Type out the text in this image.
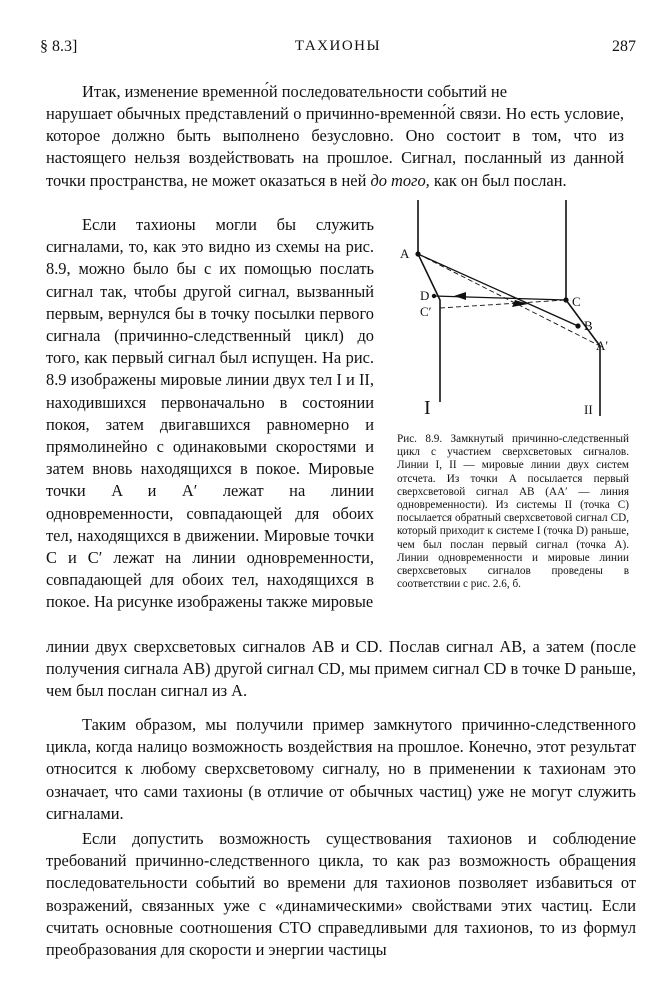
§ 8.3]	ТАХИОНЫ	287

Итак, изменение временно́й последовательности событий не

нарушает обычных представлений о причинно-временно́й связи. Но есть условие, которое должно быть выполнено безусловно. Оно состоит в том, что из настоящего нельзя воздействовать на прошлое. Сигнал, посланный из данной точки пространства, не может оказаться в ней до того, как он был послан.

Если тахионы могли бы служить сигналами, то, как это видно из схемы на рис. 8.9, можно было бы с их помощью послать сигнал так, чтобы другой сигнал, вызванный первым, вернулся бы в точку посылки первого сигнала (причинно-следственный цикл) до того, как первый сигнал был испущен. На рис. 8.9 изображены мировые линии двух тел I и II, находившихся первоначально в состоянии покоя, затем двигавшихся равномерно и прямолинейно с одинаковыми скоростями и затем вновь находящихся в покое. Мировые точки A и A′ лежат на линии одновременности, совпадающей для обоих тел, находящихся в движении. Мировые точки C и C′ лежат на линии одновременности, совпадающей для обоих тел, находящихся в покое. На рисунке изображены также мировые

A
D
C′
C
B
A′
I	II

Рис. 8.9. Замкнутый причинно-следственный цикл с участием сверхсветовых сигналов. Линии I, II — мировые линии двух систем отсчета. Из точки A посылается первый сверхсветовой сигнал AB (AA′ — линия одновременности). Из системы II (точка C) посылается обратный сверхсветовой сигнал CD, который приходит к системе I (точка D) раньше, чем был послан первый сигнал (точка A). Линии одновременности и мировые линии сверхсветовых сигналов проведены в соответствии с рис. 2.6, б.

линии двух сверхсветовых сигналов AB и CD. Послав сигнал AB, а затем (после получения сигнала AB) другой сигнал CD, мы примем сигнал CD в точке D раньше, чем был послан сигнал из A.

Таким образом, мы получили пример замкнутого причинно-следственного цикла, когда налицо возможность воздействия на прошлое. Конечно, этот результат относится к любому сверхсветовому сигналу, но в применении к тахионам это означает, что сами тахионы (в отличие от обычных частиц) уже не могут служить сигналами.

Если допустить возможность существования тахионов и соблюдение требований причинно-следственного цикла, то как раз возможность обращения последовательности событий во времени для тахионов позволяет избавиться от возражений, связанных уже с «динамическими» свойствами этих частиц. Если считать основные соотношения СТО справедливыми для тахионов, то из формул преобразования для скорости и энергии частицы
